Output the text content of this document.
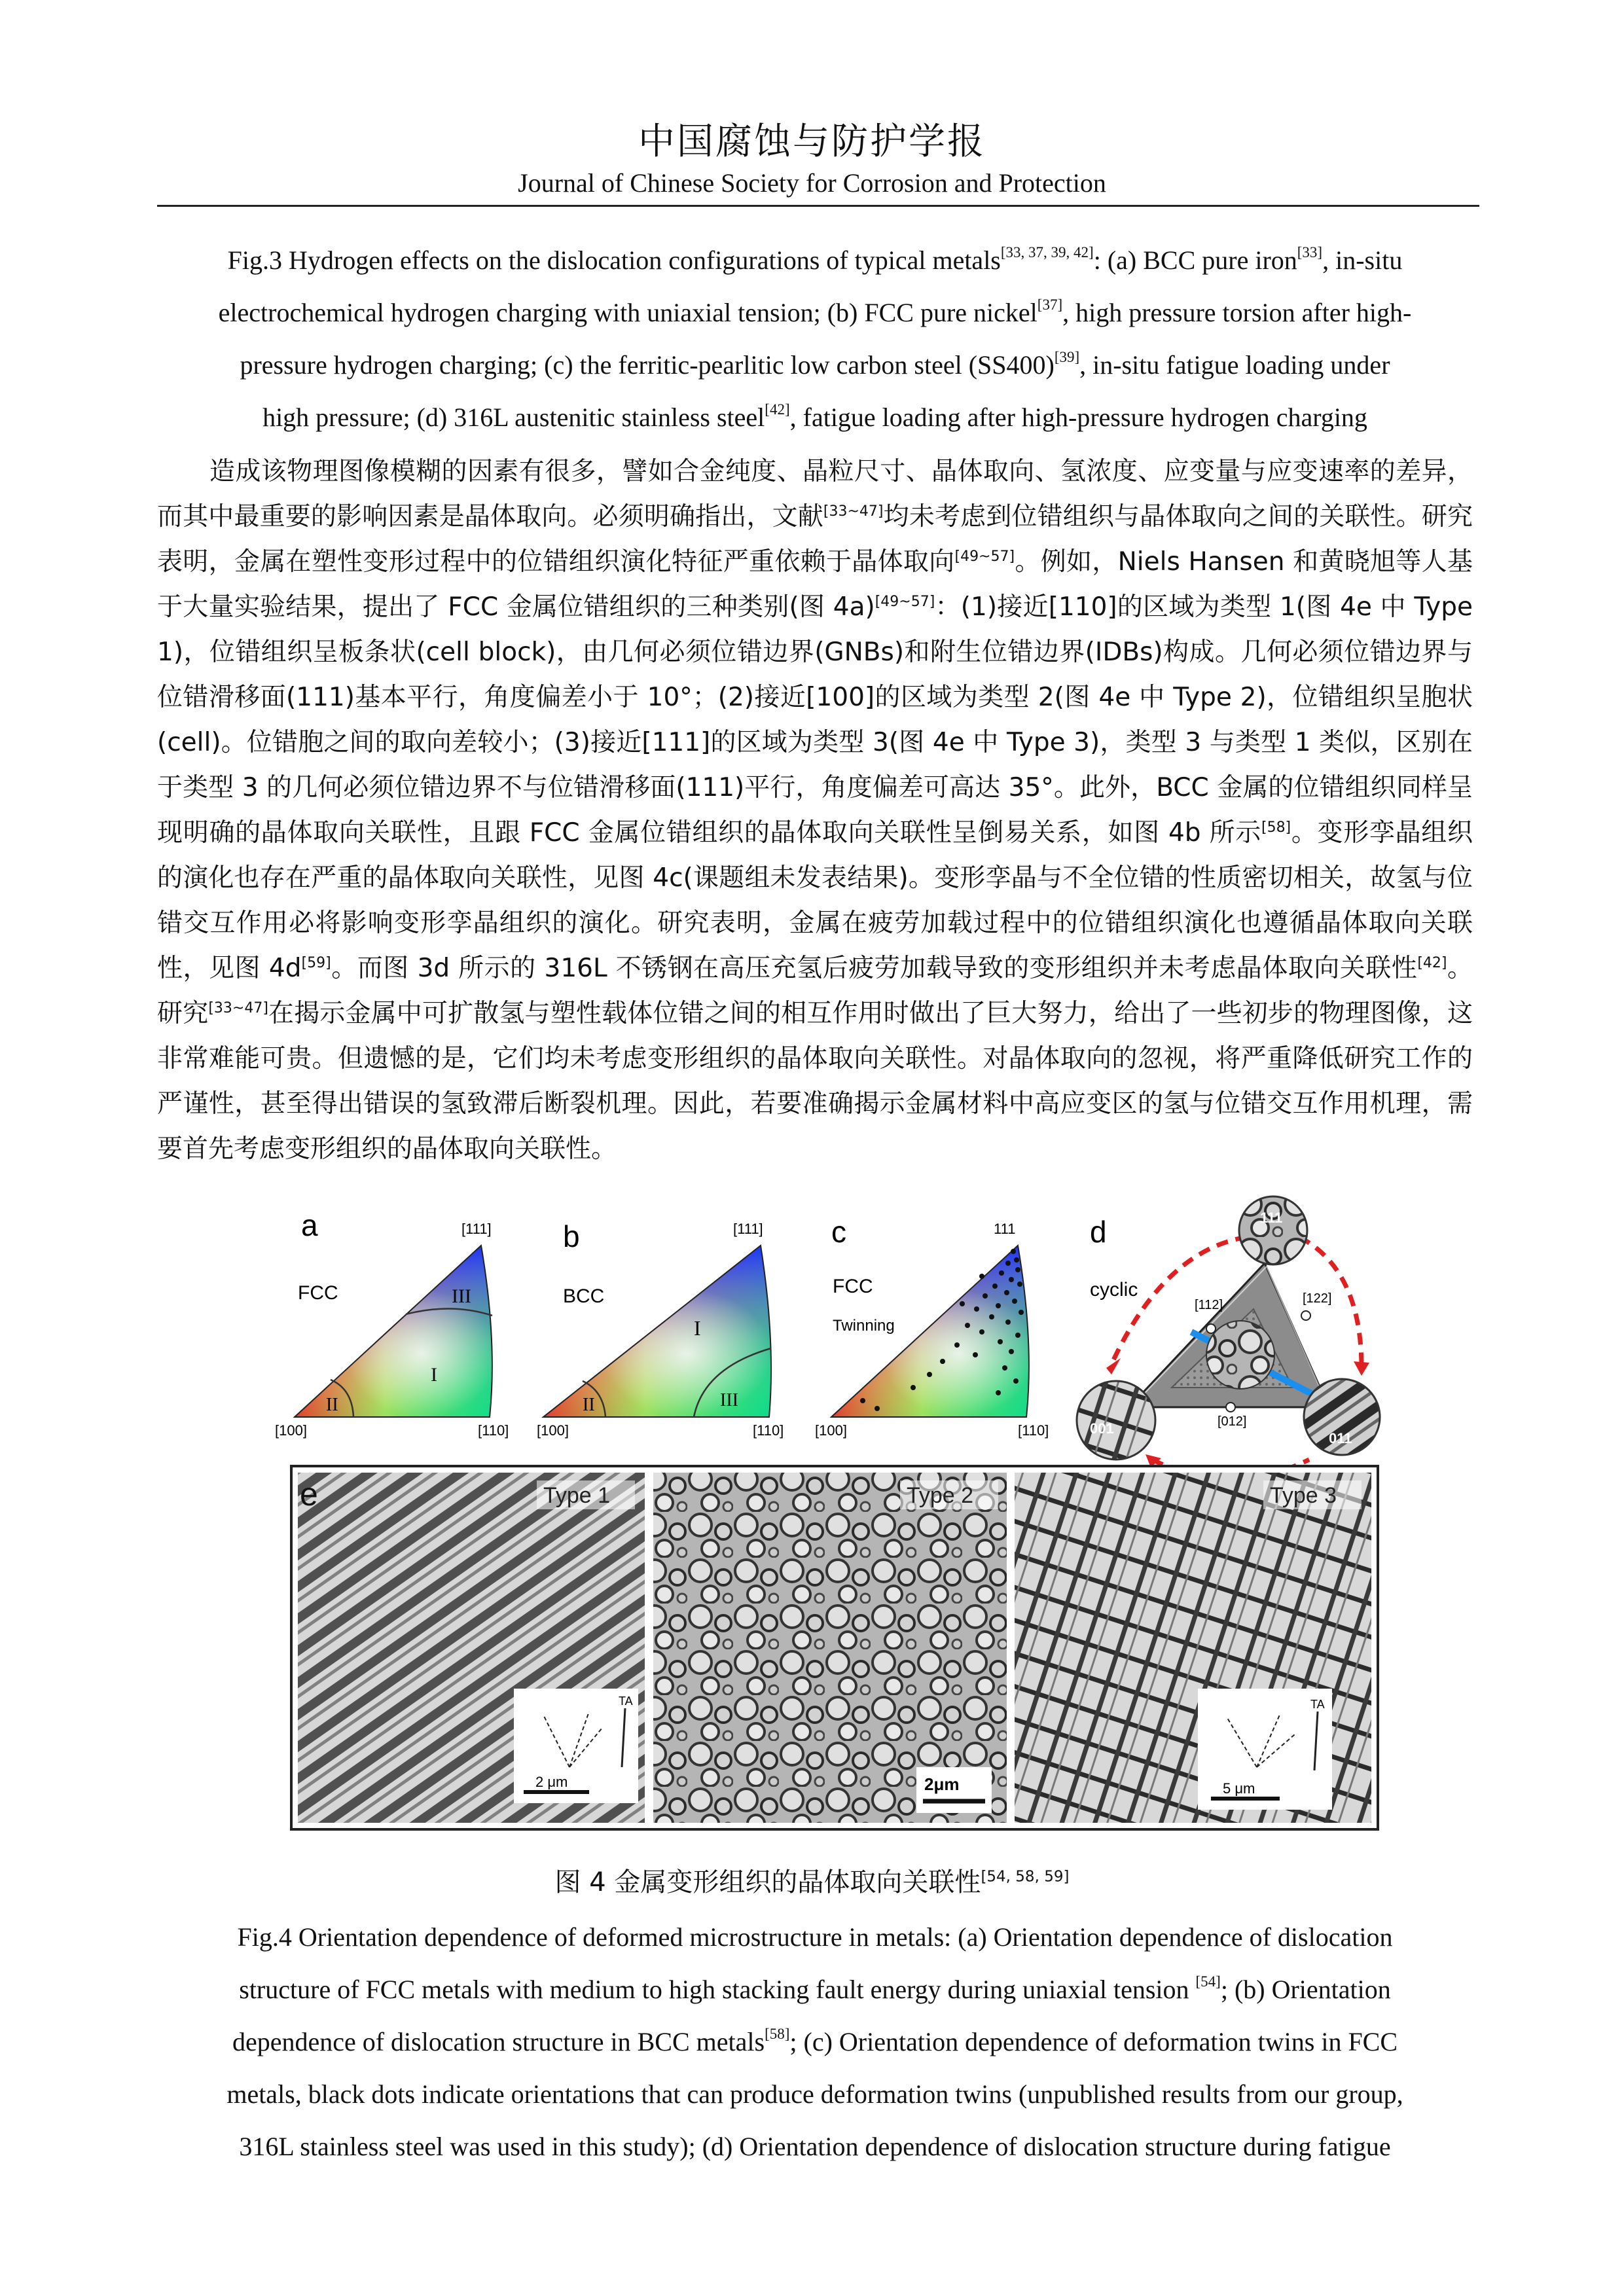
中国腐蚀与防护学报
Journal of Chinese Society for Corrosion and Protection
Fig.3 Hydrogen effects on the dislocation configurations of typical metals[33, 37, 39, 42]: (a) BCC pure iron[33], in-situ
electrochemical hydrogen charging with uniaxial tension; (b) FCC pure nickel[37], high pressure torsion after high-
pressure hydrogen charging; (c) the ferritic-pearlitic low carbon steel (SS400)[39], in-situ fatigue loading under
high pressure; (d) 316L austenitic stainless steel[42], fatigue loading after high-pressure hydrogen charging

造成该物理图像模糊的因素有很多，譬如合金纯度、晶粒尺寸、晶体取向、氢浓度、应变量与应变速率的差异，而其中最重要的影响因素是晶体取向。必须明确指出，文献[33~47]均未考虑到位错组织与晶体取向之间的关联性。研究表明，金属在塑性变形过程中的位错组织演化特征严重依赖于晶体取向[49~57]。例如，Niels Hansen 和黄晓旭等人基于大量实验结果，提出了 FCC 金属位错组织的三种类别(图 4a)[49~57]：(1)接近[110]的区域为类型 1(图 4e 中 Type 1)，位错组织呈板条状(cell block)，由几何必须位错边界(GNBs)和附生位错边界(IDBs)构成。几何必须位错边界与位错滑移面(111)基本平行，角度偏差小于 10°；(2)接近[100]的区域为类型 2(图 4e 中 Type 2)，位错组织呈胞状(cell)。位错胞之间的取向差较小；(3)接近[111]的区域为类型 3(图 4e 中 Type 3)，类型 3 与类型 1 类似，区别在于类型 3 的几何必须位错边界不与位错滑移面(111)平行，角度偏差可高达 35°。此外，BCC 金属的位错组织同样呈现明确的晶体取向关联性，且跟 FCC 金属位错组织的晶体取向关联性呈倒易关系，如图 4b 所示[58]。变形孪晶组织的演化也存在严重的晶体取向关联性，见图 4c(课题组未发表结果)。变形孪晶与不全位错的性质密切相关，故氢与位错交互作用必将影响变形孪晶组织的演化。研究表明，金属在疲劳加载过程中的位错组织演化也遵循晶体取向关联性，见图 4d[59]。而图 3d 所示的 316L 不锈钢在高压充氢后疲劳加载导致的变形组织并未考虑晶体取向关联性[42]。研究[33~47]在揭示金属中可扩散氢与塑性载体位错之间的相互作用时做出了巨大努力，给出了一些初步的物理图像，这非常难能可贵。但遗憾的是，它们均未考虑变形组织的晶体取向关联性。对晶体取向的忽视，将严重降低研究工作的严谨性，甚至得出错误的氢致滞后断裂机理。因此，若要准确揭示金属材料中高应变区的氢与位错交互作用机理，需要首先考虑变形组织的晶体取向关联性。

a
FCC
[111]
[100]	[110]
III
I
II
b
BCC
[111]
[100]	[110]
I
II	III
c
FCC
Twinning
111
[100]	[110]
d
cyclic
[112]	[122]
[012]
111
001
011
e	Type 1	Type 2	Type 3
TA
2 μm	2μm
TA
5 μm
图 4 金属变形组织的晶体取向关联性[54, 58, 59]
Fig.4 Orientation dependence of deformed microstructure in metals: (a) Orientation dependence of dislocation
structure of FCC metals with medium to high stacking fault energy during uniaxial tension [54]; (b) Orientation
dependence of dislocation structure in BCC metals[58]; (c) Orientation dependence of deformation twins in FCC
metals, black dots indicate orientations that can produce deformation twins (unpublished results from our group,
316L stainless steel was used in this study); (d) Orientation dependence of dislocation structure during fatigue
